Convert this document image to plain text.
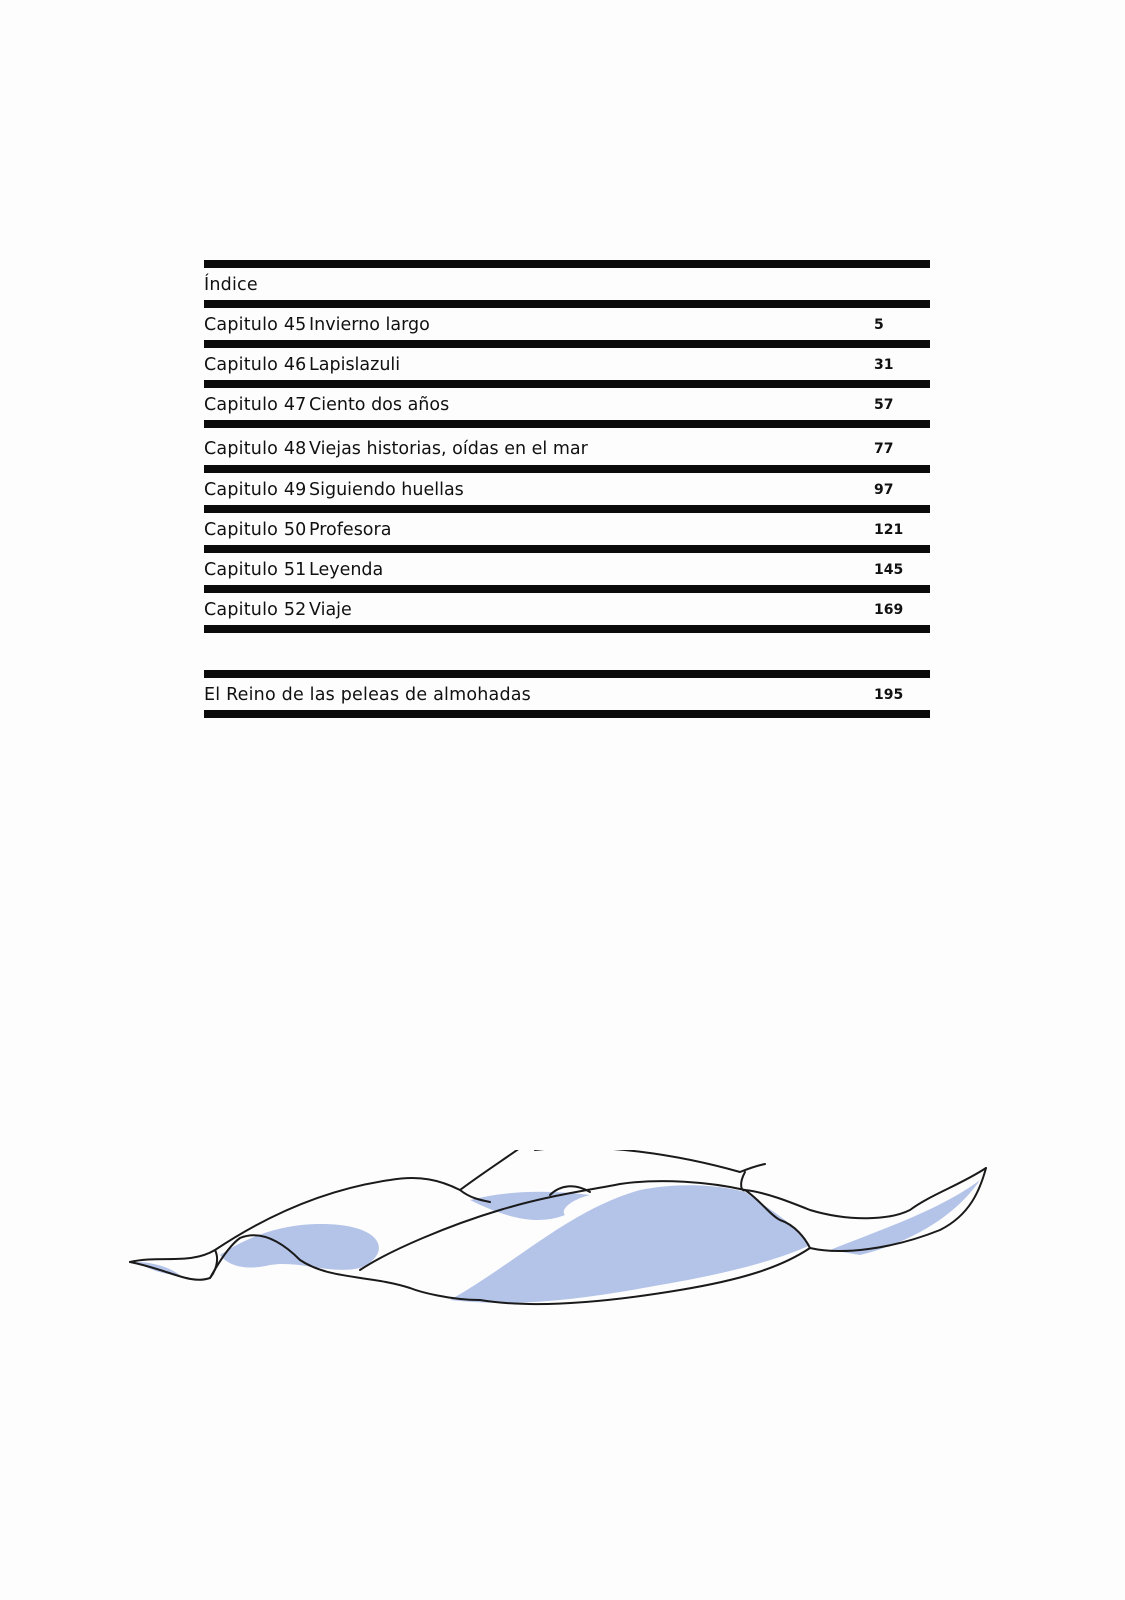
Índice
Capitulo 45 Invierno largo	5
Capitulo 46 Lapislazuli	31
Capitulo 47 Ciento dos años	57
Capitulo 48 Viejas historias, oídas en el mar	77
Capitulo 49 Siguiendo huellas	97
Capitulo 50 Profesora	121
Capitulo 51 Leyenda	145
Capitulo 52 Viaje	169
El Reino de las peleas de almohadas	195
